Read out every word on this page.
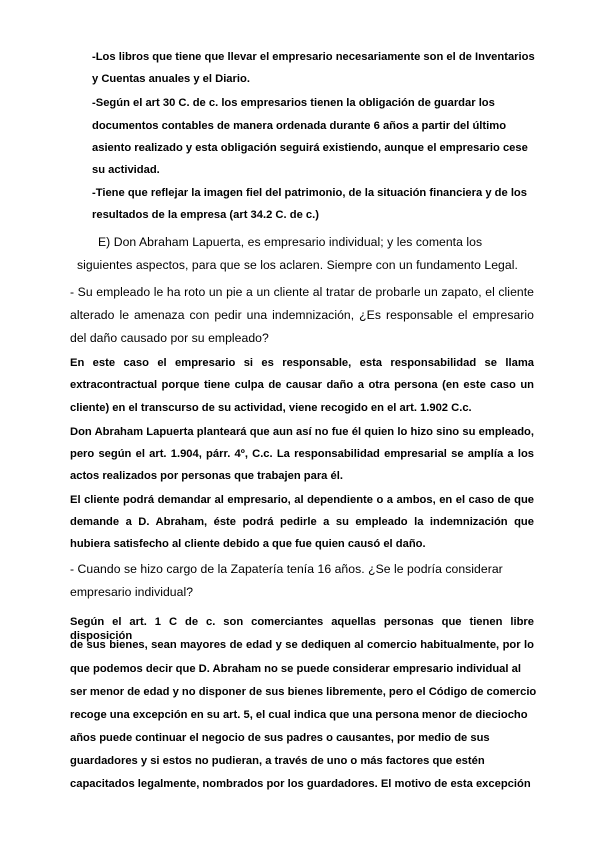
-Los libros que tiene que llevar el empresario necesariamente son el de Inventarios
y Cuentas anuales y el Diario.
-Según el art 30 C. de c. los empresarios tienen la obligación de guardar los
documentos contables de manera ordenada durante 6 años a partir del último
asiento realizado y esta obligación seguirá existiendo, aunque el empresario cese
su actividad.
-Tiene que reflejar la imagen fiel del patrimonio, de la situación financiera y de los
resultados de la empresa (art 34.2 C. de c.)
E) Don Abraham Lapuerta, es empresario individual; y les comenta los
siguientes aspectos, para que se los aclaren. Siempre con un fundamento Legal.
- Su empleado le ha roto un pie a un cliente al tratar de probarle un zapato, el cliente
alterado le amenaza con pedir una indemnización, ¿Es responsable el empresario
del daño causado por su empleado?
En este caso el empresario si es responsable, esta responsabilidad se llama
extracontractual porque tiene culpa de causar daño a otra persona (en este caso un
cliente) en el transcurso de su actividad, viene recogido en el art. 1.902 C.c.
Don Abraham Lapuerta planteará que aun así no fue él quien lo hizo sino su empleado,
pero según el art. 1.904, párr. 4º, C.c. La responsabilidad empresarial se amplía a los
actos realizados por personas que trabajen para él.
El cliente podrá demandar al empresario, al dependiente o a ambos, en el caso de que
demande a D. Abraham, éste podrá pedirle a su empleado la indemnización que
hubiera satisfecho al cliente debido a que fue quien causó el daño.
- Cuando se hizo cargo de la Zapatería tenía 16 años. ¿Se le podría considerar
empresario individual?
Según el art. 1 C de c. son comerciantes aquellas personas que tienen libre disposición
de sus bienes, sean mayores de edad y se dediquen al comercio habitualmente, por lo
que podemos decir que D. Abraham no se puede considerar empresario individual al
ser menor de edad y no disponer de sus bienes libremente, pero el Código de comercio
recoge una excepción en su art. 5, el cual indica que una persona menor de dieciocho
años puede continuar el negocio de sus padres o causantes, por medio de sus
guardadores y si estos no pudieran, a través de uno o más factores que estén
capacitados legalmente, nombrados por los guardadores. El motivo de esta excepción
